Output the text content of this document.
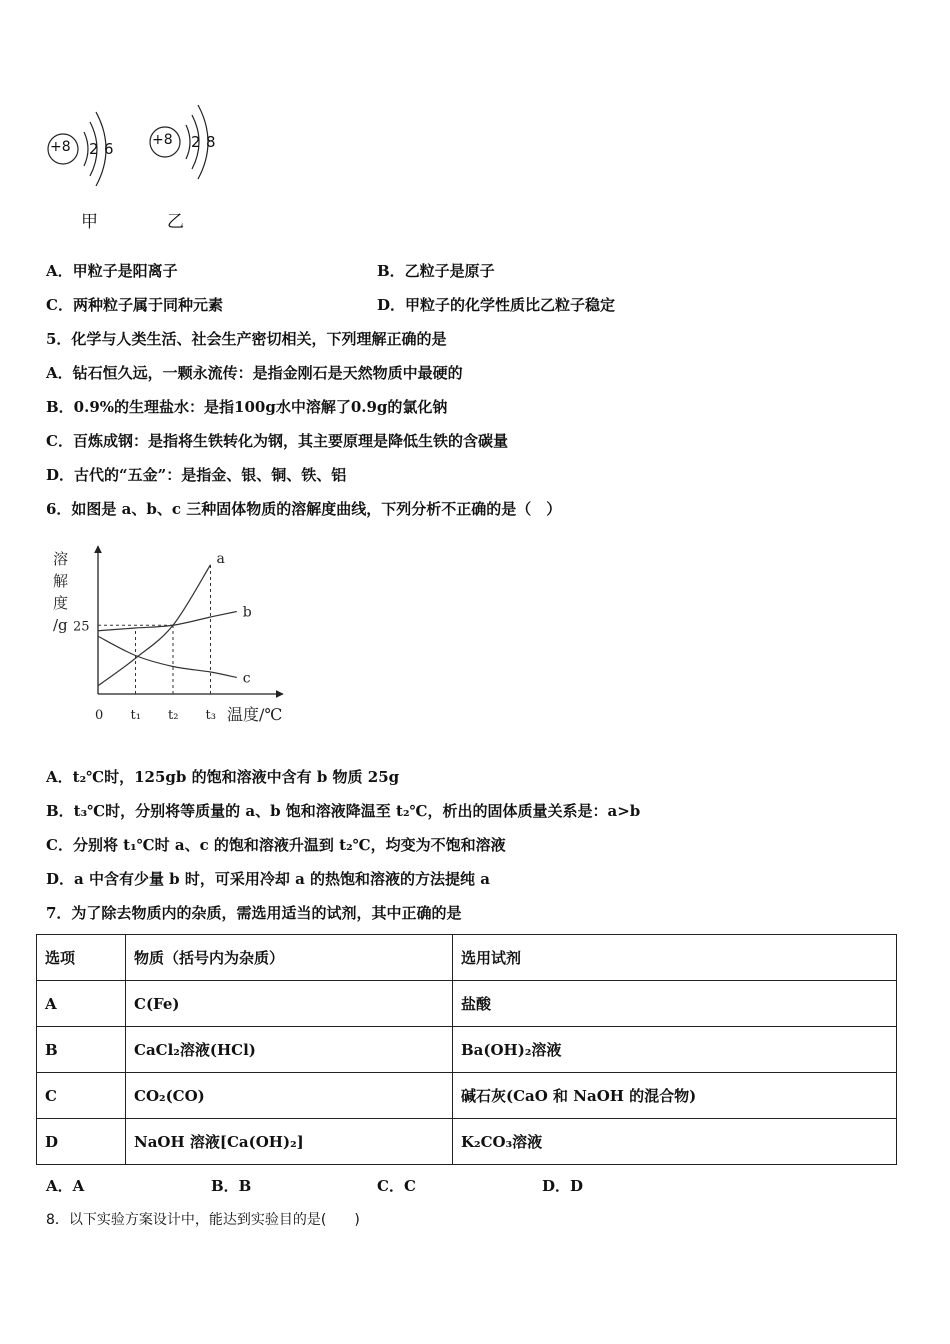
+8 2 6	+8 2 8
甲	乙
A．甲粒子是阳离子	B．乙粒子是原子
C．两种粒子属于同种元素	D．甲粒子的化学性质比乙粒子稳定
5．化学与人类生活、社会生产密切相关，下列理解正确的是
A．钻石恒久远，一颗永流传：是指金刚石是天然物质中最硬的
B．0.9%的生理盐水：是指100g水中溶解了0.9g的氯化钠
C．百炼成钢：是指将生铁转化为钢，其主要原理是降低生铁的含碳量
D．古代的“五金”：是指金、银、铜、铁、铝
6．如图是 a、b、c 三种固体物质的溶解度曲线，下列分析不正确的是（　）
溶
解
度
/g
a
b
c
t₁ t₂ t₃
25
0	温度/℃
A．t₂℃时，125gb 的饱和溶液中含有 b 物质 25g
B．t₃℃时，分别将等质量的 a、b 饱和溶液降温至 t₂℃，析出的固体质量关系是：a>b
C．分别将 t₁℃时 a、c 的饱和溶液升温到 t₂℃，均变为不饱和溶液
D．a 中含有少量 b 时，可采用冷却 a 的热饱和溶液的方法提纯 a
7．为了除去物质内的杂质，需选用适当的试剂，其中正确的是
选项	物质（括号内为杂质）	选用试剂
A	C(Fe)	盐酸
B	CaCl₂溶液(HCl)	Ba(OH)₂溶液
C	CO₂(CO)	碱石灰(CaO 和 NaOH 的混合物)
D	NaOH 溶液[Ca(OH)₂]	K₂CO₃溶液
A．A	B．B	C．C	D．D
8．以下实验方案设计中，能达到实验目的是(　　)
